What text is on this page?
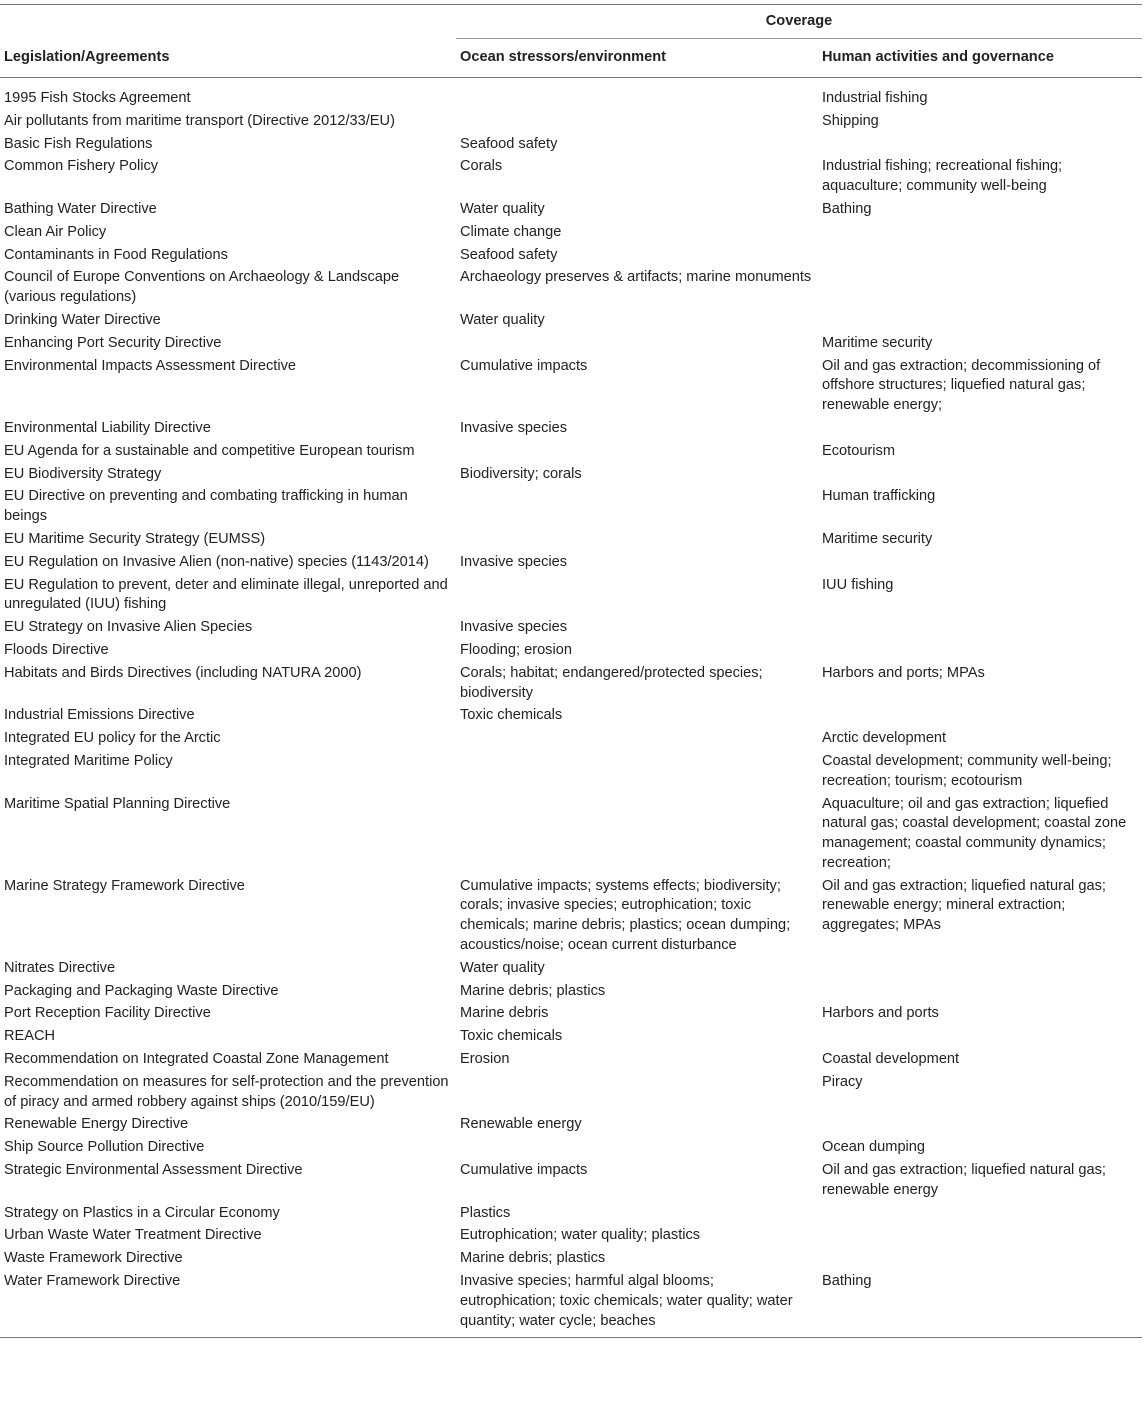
	Coverage	
Legislation/Agreements	Ocean stressors/environment	Human activities and governance
1995 Fish Stocks Agreement		Industrial fishing
Air pollutants from maritime transport (Directive 2012/33/EU)		Shipping
Basic Fish Regulations	Seafood safety	
Common Fishery Policy	Corals	Industrial fishing; recreational fishing; aquaculture; community well-being
Bathing Water Directive	Water quality	Bathing
Clean Air Policy	Climate change	
Contaminants in Food Regulations	Seafood safety	
Council of Europe Conventions on Archaeology & Landscape (various regulations)	Archaeology preserves & artifacts; marine monuments	
Drinking Water Directive	Water quality	
Enhancing Port Security Directive		Maritime security
Environmental Impacts Assessment Directive	Cumulative impacts	Oil and gas extraction; decommissioning of offshore structures; liquefied natural gas; renewable energy;
Environmental Liability Directive	Invasive species	
EU Agenda for a sustainable and competitive European tourism		Ecotourism
EU Biodiversity Strategy	Biodiversity; corals	
EU Directive on preventing and combating trafficking in human beings		Human trafficking
EU Maritime Security Strategy (EUMSS)		Maritime security
EU Regulation on Invasive Alien (non-native) species (1143/2014)	Invasive species	
EU Regulation to prevent, deter and eliminate illegal, unreported and unregulated (IUU) fishing		IUU fishing
EU Strategy on Invasive Alien Species	Invasive species	
Floods Directive	Flooding; erosion	
Habitats and Birds Directives (including NATURA 2000)	Corals; habitat; endangered/protected species; biodiversity	Harbors and ports; MPAs
Industrial Emissions Directive	Toxic chemicals	
Integrated EU policy for the Arctic		Arctic development
Integrated Maritime Policy		Coastal development; community well-being; recreation; tourism; ecotourism
Maritime Spatial Planning Directive		Aquaculture; oil and gas extraction; liquefied natural gas; coastal development; coastal zone management; coastal community dynamics; recreation;
Marine Strategy Framework Directive	Cumulative impacts; systems effects; biodiversity; corals; invasive species; eutrophication; toxic chemicals; marine debris; plastics; ocean dumping; acoustics/noise; ocean current disturbance	Oil and gas extraction; liquefied natural gas; renewable energy; mineral extraction; aggregates; MPAs
Nitrates Directive	Water quality	
Packaging and Packaging Waste Directive	Marine debris; plastics	
Port Reception Facility Directive	Marine debris	Harbors and ports
REACH	Toxic chemicals	
Recommendation on Integrated Coastal Zone Management	Erosion	Coastal development
Recommendation on measures for self-protection and the prevention of piracy and armed robbery against ships (2010/159/EU)		Piracy
Renewable Energy Directive	Renewable energy	
Ship Source Pollution Directive		Ocean dumping
Strategic Environmental Assessment Directive	Cumulative impacts	Oil and gas extraction; liquefied natural gas; renewable energy
Strategy on Plastics in a Circular Economy	Plastics	
Urban Waste Water Treatment Directive	Eutrophication; water quality; plastics	
Waste Framework Directive	Marine debris; plastics	
Water Framework Directive	Invasive species; harmful algal blooms; eutrophication; toxic chemicals; water quality; water quantity; water cycle; beaches	Bathing
